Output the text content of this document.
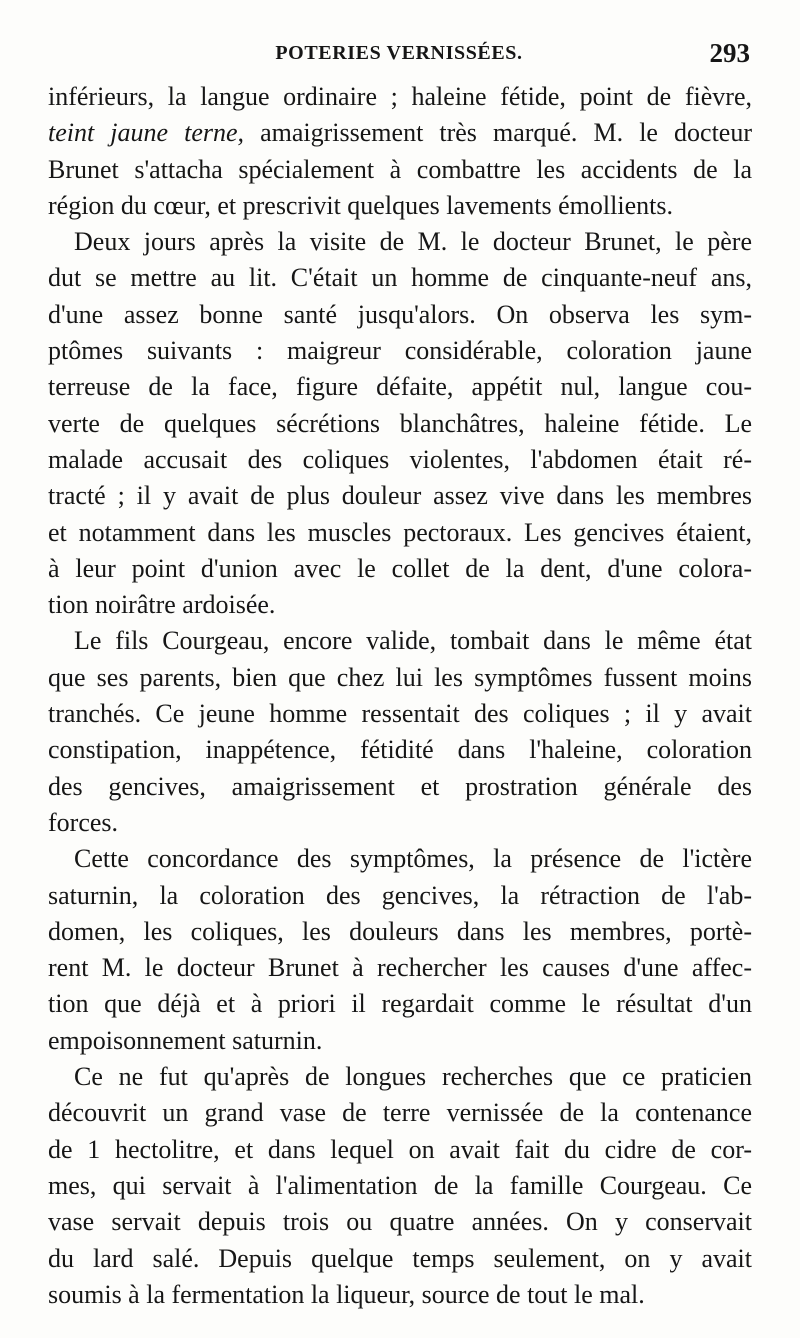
POTERIES VERNISSÉES.	293
inférieurs, la langue ordinaire ; haleine fétide, point de fièvre,
teint jaune terne, amaigrissement très marqué. M. le docteur
Brunet s'attacha spécialement à combattre les accidents de la
région du cœur, et prescrivit quelques lavements émollients.
Deux jours après la visite de M. le docteur Brunet, le père
dut se mettre au lit. C'était un homme de cinquante-neuf ans,
d'une assez bonne santé jusqu'alors. On observa les sym-
ptômes suivants : maigreur considérable, coloration jaune
terreuse de la face, figure défaite, appétit nul, langue cou-
verte de quelques sécrétions blanchâtres, haleine fétide. Le
malade accusait des coliques violentes, l'abdomen était ré-
tracté ; il y avait de plus douleur assez vive dans les membres
et notamment dans les muscles pectoraux. Les gencives étaient,
à leur point d'union avec le collet de la dent, d'une colora-
tion noirâtre ardoisée.
Le fils Courgeau, encore valide, tombait dans le même état
que ses parents, bien que chez lui les symptômes fussent moins
tranchés. Ce jeune homme ressentait des coliques ; il y avait
constipation, inappétence, fétidité dans l'haleine, coloration
des gencives, amaigrissement et prostration générale des
forces.
Cette concordance des symptômes, la présence de l'ictère
saturnin, la coloration des gencives, la rétraction de l'ab-
domen, les coliques, les douleurs dans les membres, portè-
rent M. le docteur Brunet à rechercher les causes d'une affec-
tion que déjà et à priori il regardait comme le résultat d'un
empoisonnement saturnin.
Ce ne fut qu'après de longues recherches que ce praticien
découvrit un grand vase de terre vernissée de la contenance
de 1 hectolitre, et dans lequel on avait fait du cidre de cor-
mes, qui servait à l'alimentation de la famille Courgeau. Ce
vase servait depuis trois ou quatre années. On y conservait
du lard salé. Depuis quelque temps seulement, on y avait
soumis à la fermentation la liqueur, source de tout le mal.
